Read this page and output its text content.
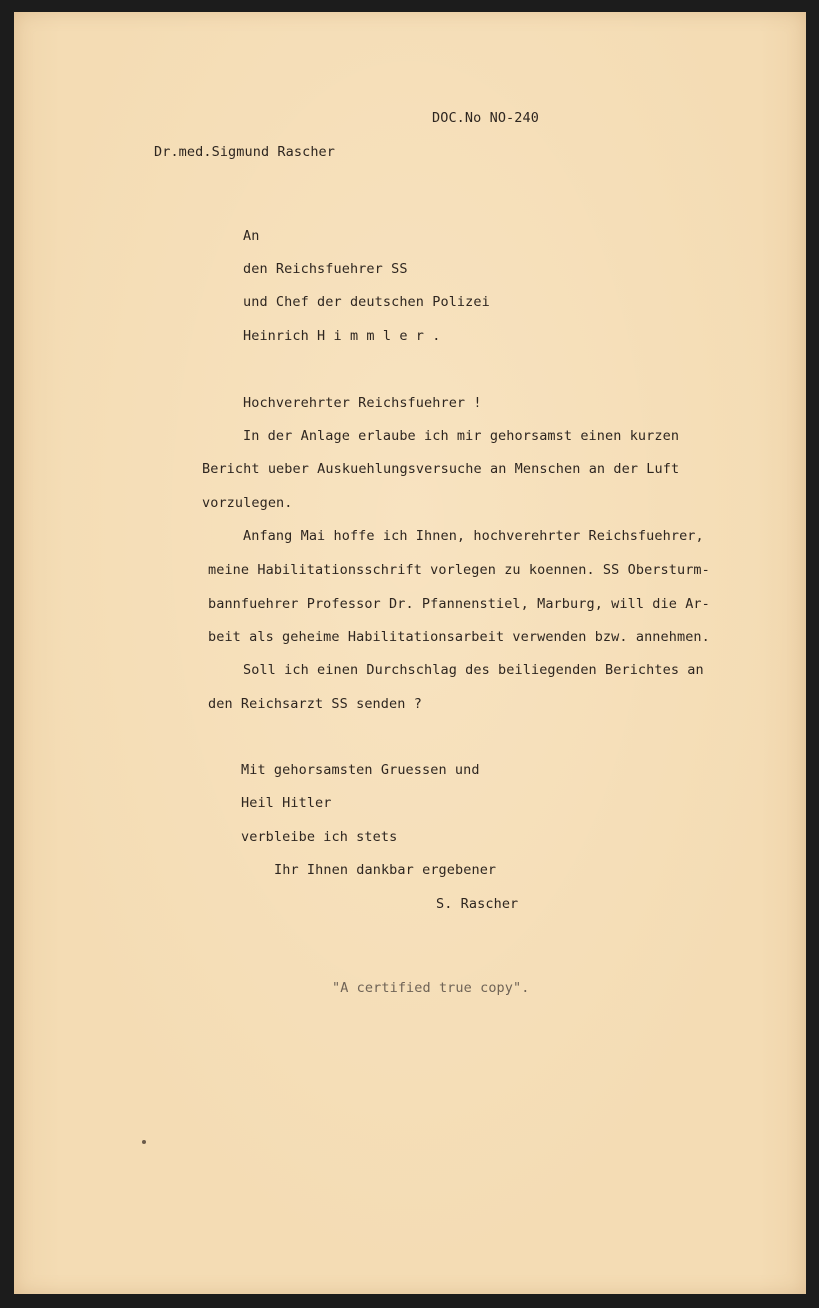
DOC.No NO-240
Dr.med.Sigmund Rascher
An
den Reichsfuehrer SS
und Chef der deutschen Polizei
Heinrich H i m m l e r .
Hochverehrter Reichsfuehrer !
In der Anlage erlaube ich mir gehorsamst einen kurzen
Bericht ueber Auskuehlungsversuche an Menschen an der Luft
vorzulegen.
Anfang Mai hoffe ich Ihnen, hochverehrter Reichsfuehrer,
meine Habilitationsschrift vorlegen zu koennen. SS Obersturm-
bannfuehrer Professor Dr. Pfannenstiel, Marburg, will die Ar-
beit als geheime Habilitationsarbeit verwenden bzw. annehmen.
Soll ich einen Durchschlag des beiliegenden Berichtes an
den Reichsarzt SS senden ?
Mit gehorsamsten Gruessen und
Heil Hitler
verbleibe ich stets
Ihr Ihnen dankbar ergebener
S. Rascher
"A certified true copy".
